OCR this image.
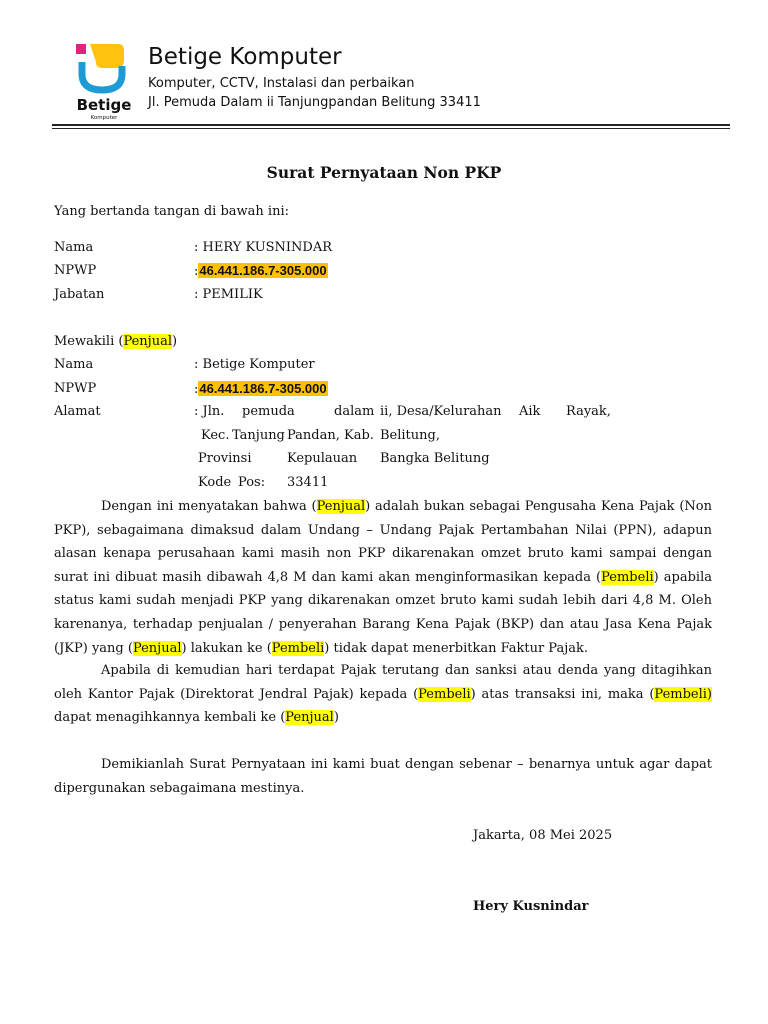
Betige
Komputer
Betige Komputer
Komputer, CCTV, Instalasi dan perbaikan
Jl. Pemuda Dalam ii Tanjungpandan Belitung 33411
Surat Pernyataan Non PKP
Yang bertanda tangan di bawah ini:
Nama	: HERY KUSNINDAR
NPWP	:46.441.186.7-305.000
Jabatan	: PEMILIK
Mewakili (Penjual)
Nama	: Betige Komputer
NPWP	:46.441.186.7-305.000
Alamat	: Jln. pemuda	dalam ii, Desa/Kelurahan Aik Rayak,
Kec. Tanjung Pandan, Kab. Belitung,
Provinsi	Kepulauan Bangka Belitung
Kode Pos: 33411
Dengan ini menyatakan bahwa (Penjual) adalah bukan sebagai Pengusaha Kena Pajak (Non PKP), sebagaimana dimaksud dalam Undang – Undang Pajak Pertambahan Nilai (PPN), adapun alasan kenapa perusahaan kami masih non PKP dikarenakan omzet bruto kami sampai dengan surat ini dibuat masih dibawah 4,8 M dan kami akan menginformasikan kepada (Pembeli) apabila status kami sudah menjadi PKP yang dikarenakan omzet bruto kami sudah lebih dari 4,8 M. Oleh karenanya, terhadap penjualan / penyerahan Barang Kena Pajak (BKP) dan atau Jasa Kena Pajak (JKP) yang (Penjual) lakukan ke (Pembeli) tidak dapat menerbitkan Faktur Pajak.
Apabila di kemudian hari terdapat Pajak terutang dan sanksi atau denda yang ditagihkan oleh Kantor Pajak (Direktorat Jendral Pajak) kepada (Pembeli) atas transaksi ini, maka (Pembeli) dapat menagihkannya kembali ke (Penjual)
Demikianlah Surat Pernyataan ini kami buat dengan sebenar – benarnya untuk agar dapat dipergunakan sebagaimana mestinya.
Jakarta, 08 Mei 2025
Hery Kusnindar
